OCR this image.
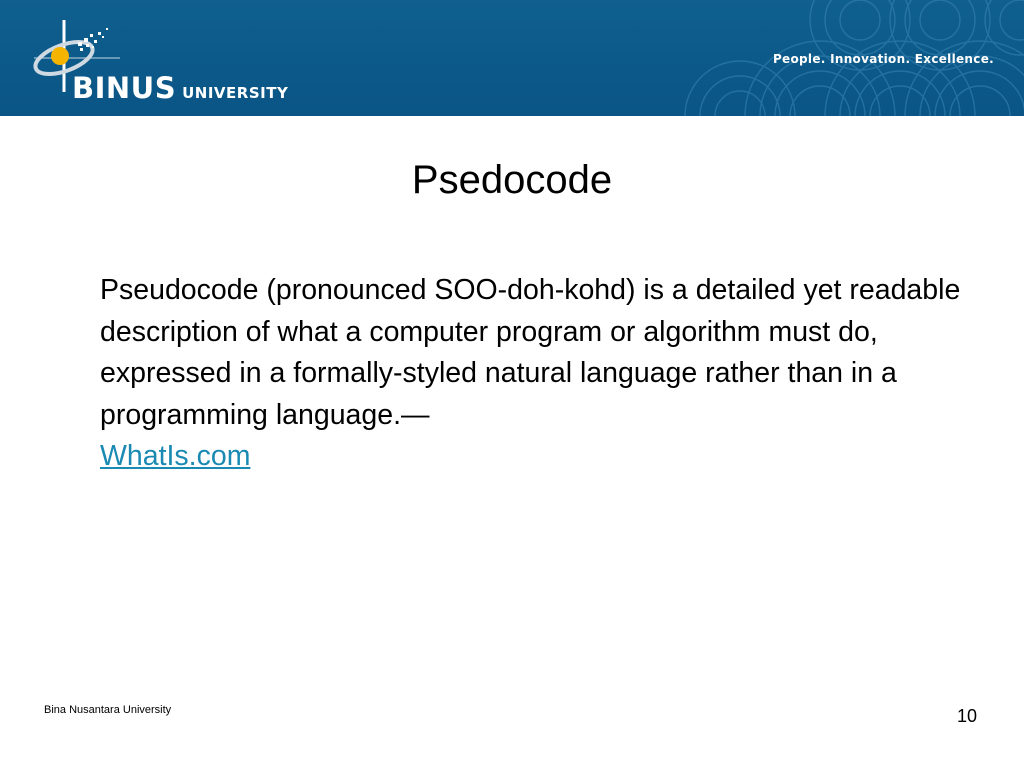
BINUS UNIVERSITY
People. Innovation. Excellence.
Psedocode
Pseudocode (pronounced SOO-doh-kohd) is a detailed yet readable description of what a computer program or algorithm must do, expressed in a formally-styled natural language rather than in a programming language.—
WhatIs.com
Bina Nusantara University	10
